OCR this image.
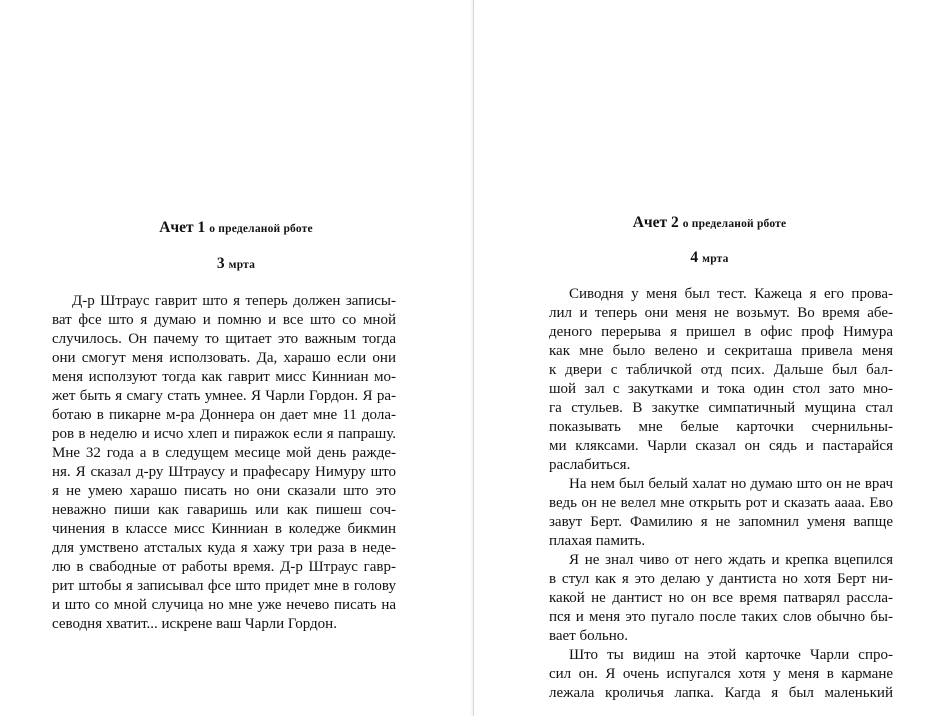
Ачет 1 о пределаной рботе
3 мрта
Д-р Штраус гаврит што я теперь должен записы-
ват фсе што я думаю и помню и все што со мной
случилось. Он пачему то щитает это важным тогда
они смогут меня исползовать. Да, харашо если они
меня исползуют тогда как гаврит мисс Кинниан мо-
жет быть я смагу стать умнее. Я Чарли Гордон. Я ра-
ботаю в пикарне м-ра Доннера он дает мне 11 дола-
ров в неделю и исчо хлеп и пиражок если я папрашу.
Мне 32 года а в следущем месице мой день раждe-
ня. Я сказал д-ру Штраусу и прафесару Нимуру што
я не умею харашо писать но они сказали што это
неважно пиши как гаваришь или как пишеш соч-
чинения в классе мисс Кинниан в коледже бикмин
для умствено атсталых куда я хажу три раза в неде-
лю в свабодные от работы время. Д-р Штраус гавр-
рит штобы я записывал фсе што придет мне в голову
и што со мной случица но мне уже нечево писать на
севодня хватит... искрене ваш Чарли Гордон.
Ачет 2 о пределаной рботе
4 мрта
Сиводня у меня был тест. Кажеца я его прова-
лил и теперь они меня не возьмут. Во время абе-
деного перерыва я пришел в офис проф Нимура
как мне было велено и секриташа привела меня
к двери с табличкой отд псих. Дальше был бал-
шой зал с закутками и тока один стол зато мно-
га стульев. В закутке симпатичный мущина стал
показывать мне белые карточки счернильны-
ми кляксами. Чарли сказал он сядь и пастарайся
раслабиться.
На нем был белый халат но думаю што он не врач
ведь он не велел мне открыть рот и сказать аааа. Ево
завут Берт. Фамилию я не запомнил уменя вапще
плахая памить.
Я не знал чиво от него ждать и крепка вцепился
в стул как я это делаю у дантиста но хотя Берт ни-
какой не дантист но он все время пaтварял рассла-
пся и меня это пугало после таких слов обычно бы-
вает больно.
Што ты видиш на этой карточке Чарли спро-
сил он. Я очень испугался хотя у меня в кармане
лежала кроличья лапка. Кагда я был маленький
